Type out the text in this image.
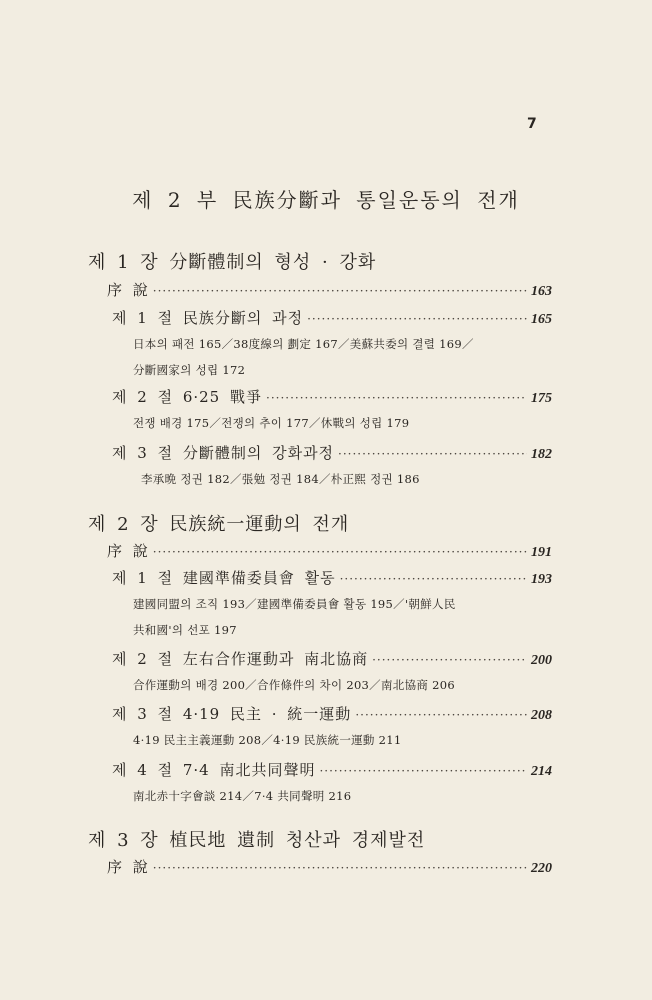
7
제 2 부 民族分斷과 통일운동의 전개
제 1 장 分斷體制의 형성 · 강화
序 說 ·····	163
제 1 절 民族分斷의 과정 ·····	165
日本의 패전 165／38度線의 劃定 167／美蘇共委의 결렬 169／
分斷國家의 성립 172
제 2 절 6·25 戰爭 ·····	175
전쟁 배경 175／전쟁의 추이 177／休戰의 성립 179
제 3 절 分斷體制의 강화과정 ·····	182
李承晩 정권 182／張勉 정권 184／朴正熙 정권 186
제 2 장 民族統一運動의 전개
序 說 ·····	191
제 1 절 建國準備委員會 활동 ·····	193
建國同盟의 조직 193／建國準備委員會 활동 195／'朝鮮人民
共和國'의 선포 197
제 2 절 左右合作運動과 南北協商 ·····	200
合作運動의 배경 200／合作條件의 차이 203／南北協商 206
제 3 절 4·19 民主 · 統一運動 ·····	208
4·19 民主主義運動 208／4·19 民族統一運動 211
제 4 절 7·4 南北共同聲明 ·····	214
南北赤十字會談 214／7·4 共同聲明 216
제 3 장 植民地 遺制 청산과 경제발전
序 說 ·····	220
